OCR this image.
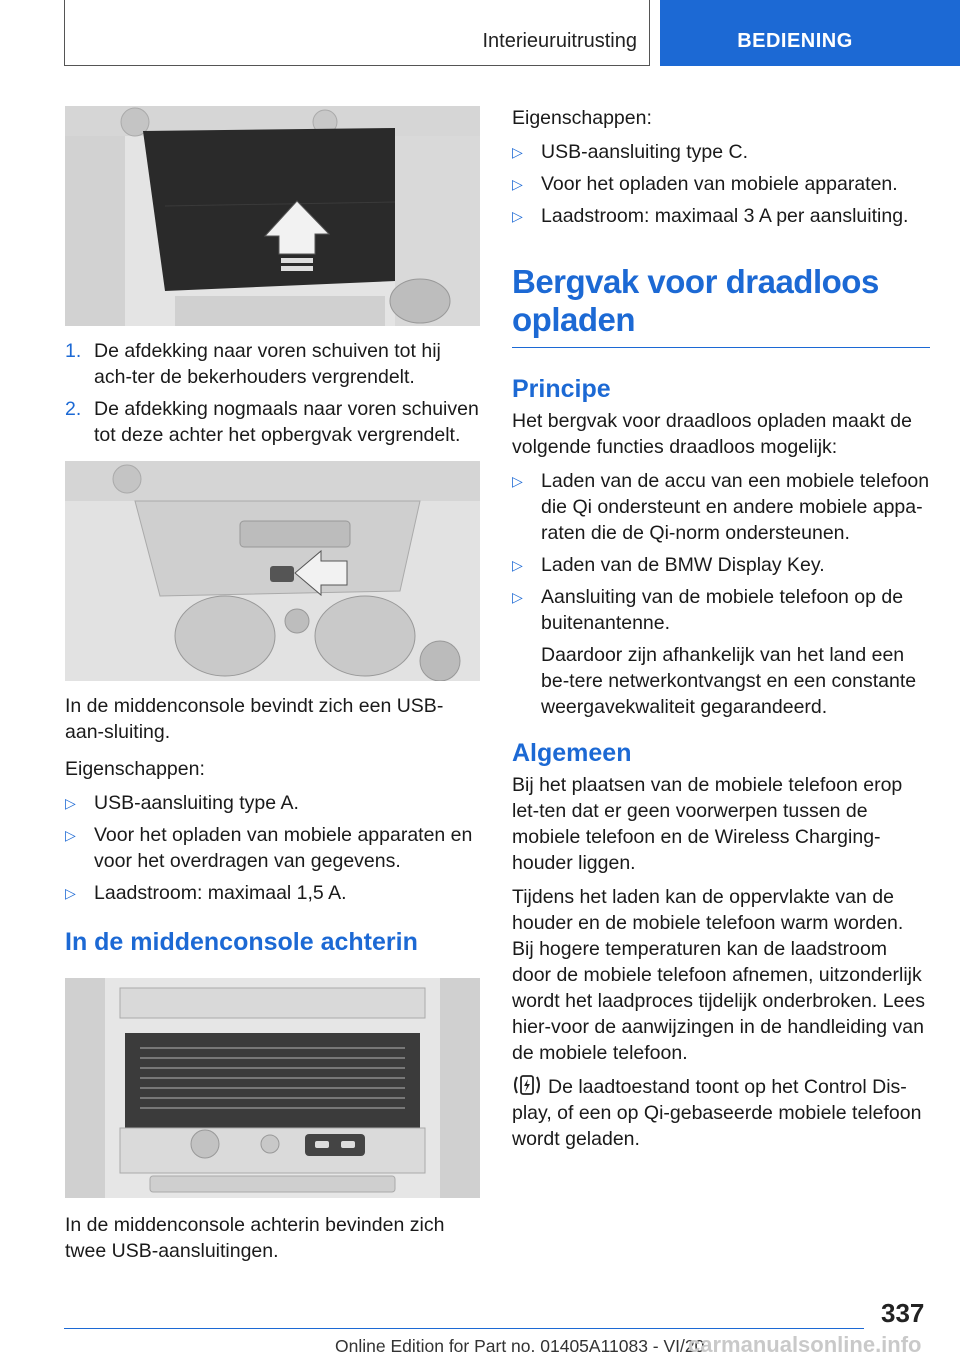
Interieuruitrusting	BEDIENING
1. De afdekking naar voren schuiven tot hij ach‐ter de bekerhouders vergrendelt.
2. De afdekking nogmaals naar voren schuiven tot deze achter het opbergvak vergrendelt.

In de middenconsole bevindt zich een USB-aan‐sluiting.

Eigenschappen:

▷ USB-aansluiting type A.
▷ Voor het opladen van mobiele apparaten en voor het overdragen van gegevens.
▷ Laadstroom: maximaal 1,5 A.
In de middenconsole achterin

In de middenconsole achterin bevinden zich twee USB-aansluitingen.

Eigenschappen:

▷ USB-aansluiting type C.
▷ Voor het opladen van mobiele apparaten.
▷ Laadstroom: maximaal 3 A per aansluiting.
Bergvak voor draadloos opladen
Principe

Het bergvak voor draadloos opladen maakt de volgende functies draadloos mogelijk:

▷ Laden van de accu van een mobiele telefoon die Qi ondersteunt en andere mobiele appa‐raten die de Qi-norm ondersteunen.
▷ Laden van de BMW Display Key.
▷ Aansluiting van de mobiele telefoon op de buitenantenne.

Daardoor zijn afhankelijk van het land een be‐tere netwerkontvangst en een constante weergavekwaliteit gegarandeerd.

Algemeen

Bij het plaatsen van de mobiele telefoon erop let‐ten dat er geen voorwerpen tussen de mobiele telefoon en de Wireless Charging-houder liggen.

Tijdens het laden kan de oppervlakte van de houder en de mobiele telefoon warm worden. Bij hogere temperaturen kan de laadstroom door de mobiele telefoon afnemen, uitzonderlijk wordt het laadproces tijdelijk onderbroken. Lees hier‐voor de aanwijzingen in de handleiding van de mobiele telefoon.

De laadtoestand toont op het Control Dis‐play, of een op Qi-gebaseerde mobiele telefoon wordt geladen.

337
Online Edition for Part no. 01405A11083 - VI/20
carmanualsonline.info
